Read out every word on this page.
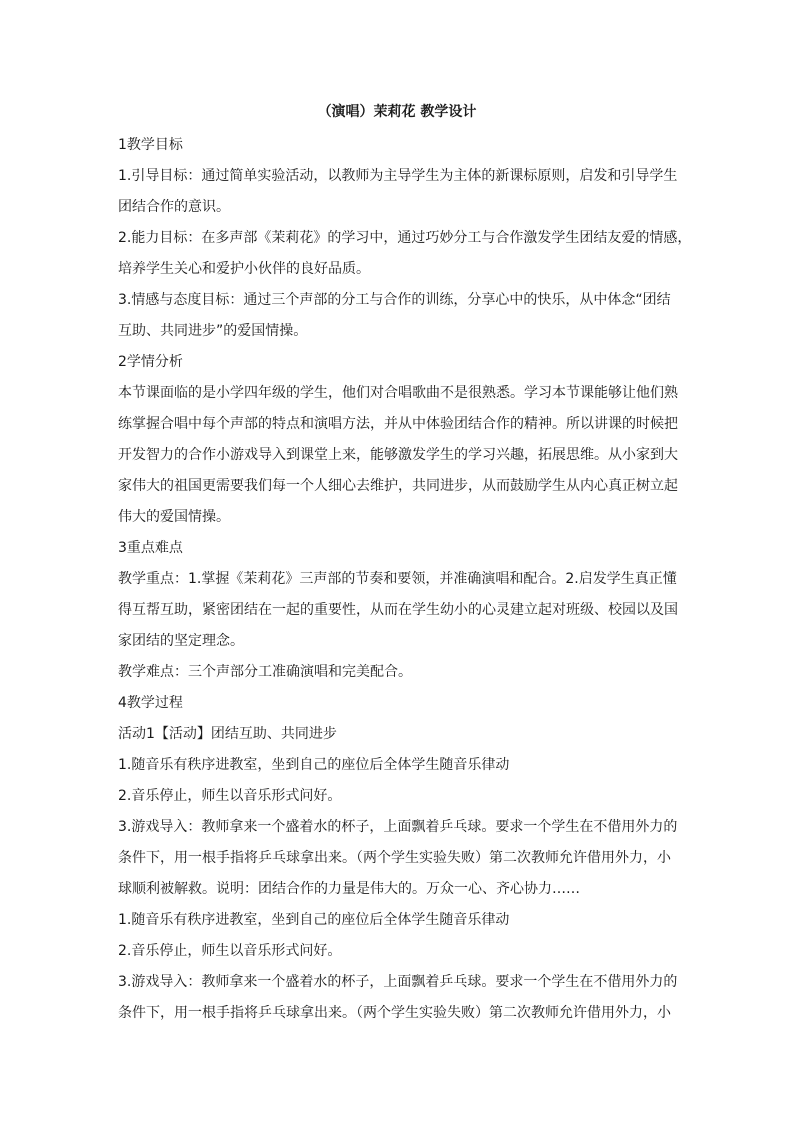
（演唱）茉莉花 教学设计
1教学目标
1.引导目标：通过简单实验活动，以教师为主导学生为主体的新课标原则，启发和引导学生
团结合作的意识。
2.能力目标：在多声部《茉莉花》的学习中，通过巧妙分工与合作激发学生团结友爱的情感，
培养学生关心和爱护小伙伴的良好品质。
3.情感与态度目标：通过三个声部的分工与合作的训练，分享心中的快乐，从中体念“团结
互助、共同进步”的爱国情操。
2学情分析
本节课面临的是小学四年级的学生，他们对合唱歌曲不是很熟悉。学习本节课能够让他们熟
练掌握合唱中每个声部的特点和演唱方法，并从中体验团结合作的精神。所以讲课的时候把
开发智力的合作小游戏导入到课堂上来，能够激发学生的学习兴趣，拓展思维。从小家到大
家伟大的祖国更需要我们每一个人细心去维护，共同进步，从而鼓励学生从内心真正树立起
伟大的爱国情操。
3重点难点
教学重点：1.掌握《茉莉花》三声部的节奏和要领，并准确演唱和配合。2.启发学生真正懂
得互帮互助，紧密团结在一起的重要性，从而在学生幼小的心灵建立起对班级、校园以及国
家团结的坚定理念。
教学难点：三个声部分工准确演唱和完美配合。
4教学过程
活动1【活动】团结互助、共同进步
1.随音乐有秩序进教室，坐到自己的座位后全体学生随音乐律动
2.音乐停止，师生以音乐形式问好。
3.游戏导入：教师拿来一个盛着水的杯子，上面飘着乒乓球。要求一个学生在不借用外力的
条件下，用一根手指将乒乓球拿出来。（两个学生实验失败）第二次教师允许借用外力，小
球顺利被解救。说明：团结合作的力量是伟大的。万众一心、齐心协力……
1.随音乐有秩序进教室，坐到自己的座位后全体学生随音乐律动
2.音乐停止，师生以音乐形式问好。
3.游戏导入：教师拿来一个盛着水的杯子，上面飘着乒乓球。要求一个学生在不借用外力的
条件下，用一根手指将乒乓球拿出来。（两个学生实验失败）第二次教师允许借用外力，小
